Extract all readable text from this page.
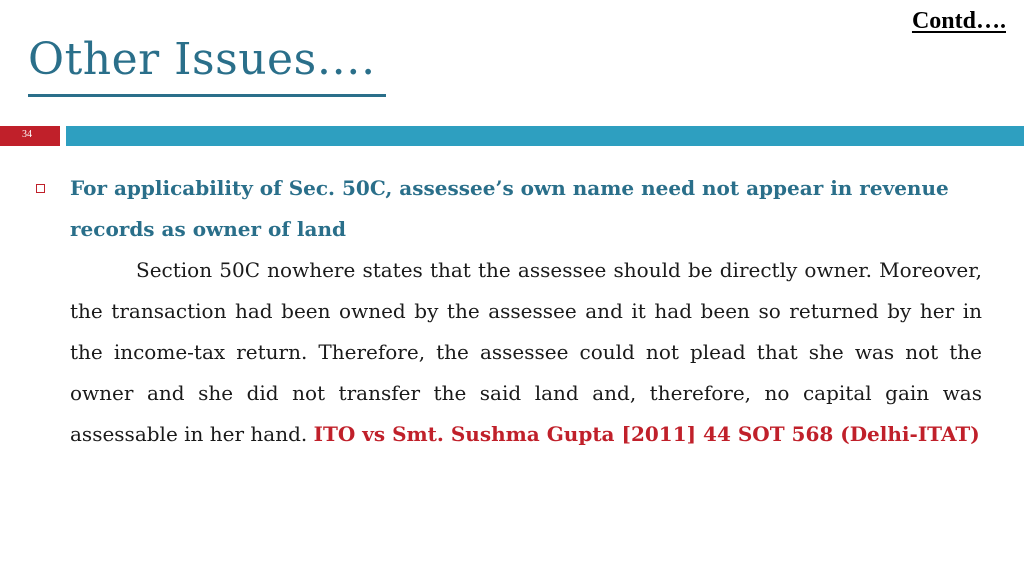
Contd….
Other Issues….
34
For applicability of Sec. 50C, assessee’s own name need not appear in revenue records as owner of land
Section 50C nowhere states that the assessee should be directly owner. Moreover, the transaction had been owned by the assessee and it had been so returned by her in the income-tax return. Therefore, the assessee could not plead that she was not the owner and she did not transfer the said land and, therefore, no capital gain was assessable in her hand. ITO vs Smt. Sushma Gupta [2011] 44 SOT 568 (Delhi-ITAT)
